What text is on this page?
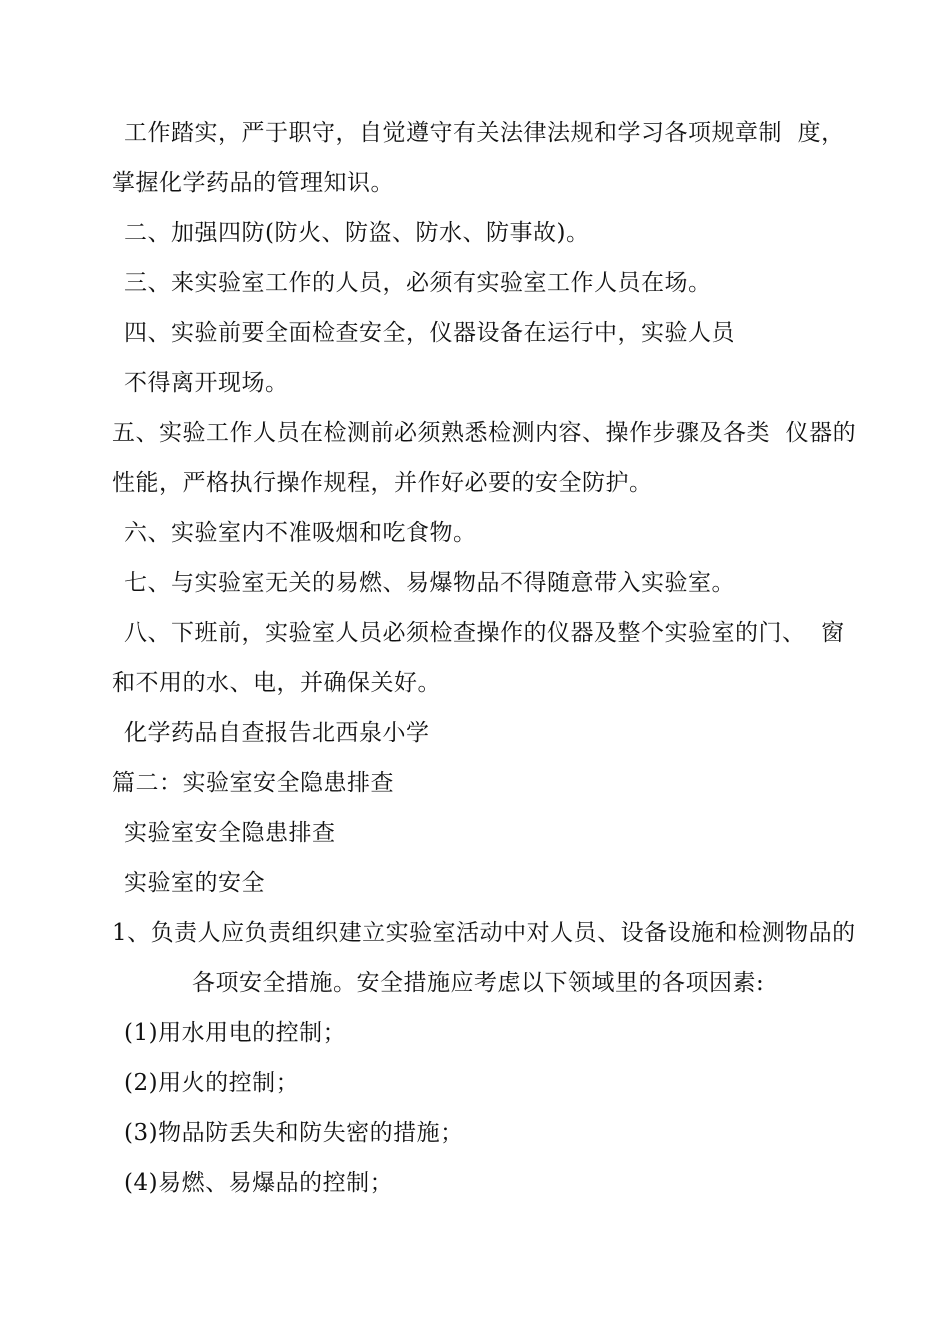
工作踏实，严于职守，自觉遵守有关法律法规和学习各项规章制  度，
掌握化学药品的管理知识。
二、加强四防(防火、防盗、防水、防事故)。
三、来实验室工作的人员，必须有实验室工作人员在场。
四、实验前要全面检查安全，仪器设备在运行中，实验人员
不得离开现场。
五、实验工作人员在检测前必须熟悉检测内容、操作步骤及各类  仪器的
性能，严格执行操作规程，并作好必要的安全防护。
六、实验室内不准吸烟和吃食物。
七、与实验室无关的易燃、易爆物品不得随意带入实验室。
八、下班前，实验室人员必须检查操作的仪器及整个实验室的门、  窗
和不用的水、电，并确保关好。
化学药品自查报告北西泉小学
篇二：实验室安全隐患排查
实验室安全隐患排查
实验室的安全
1、负责人应负责组织建立实验室活动中对人员、设备设施和检测物品的
各项安全措施。安全措施应考虑以下领域里的各项因素:
(1)用水用电的控制；
(2)用火的控制；
(3)物品防丢失和防失密的措施；
(4)易燃、易爆品的控制；
